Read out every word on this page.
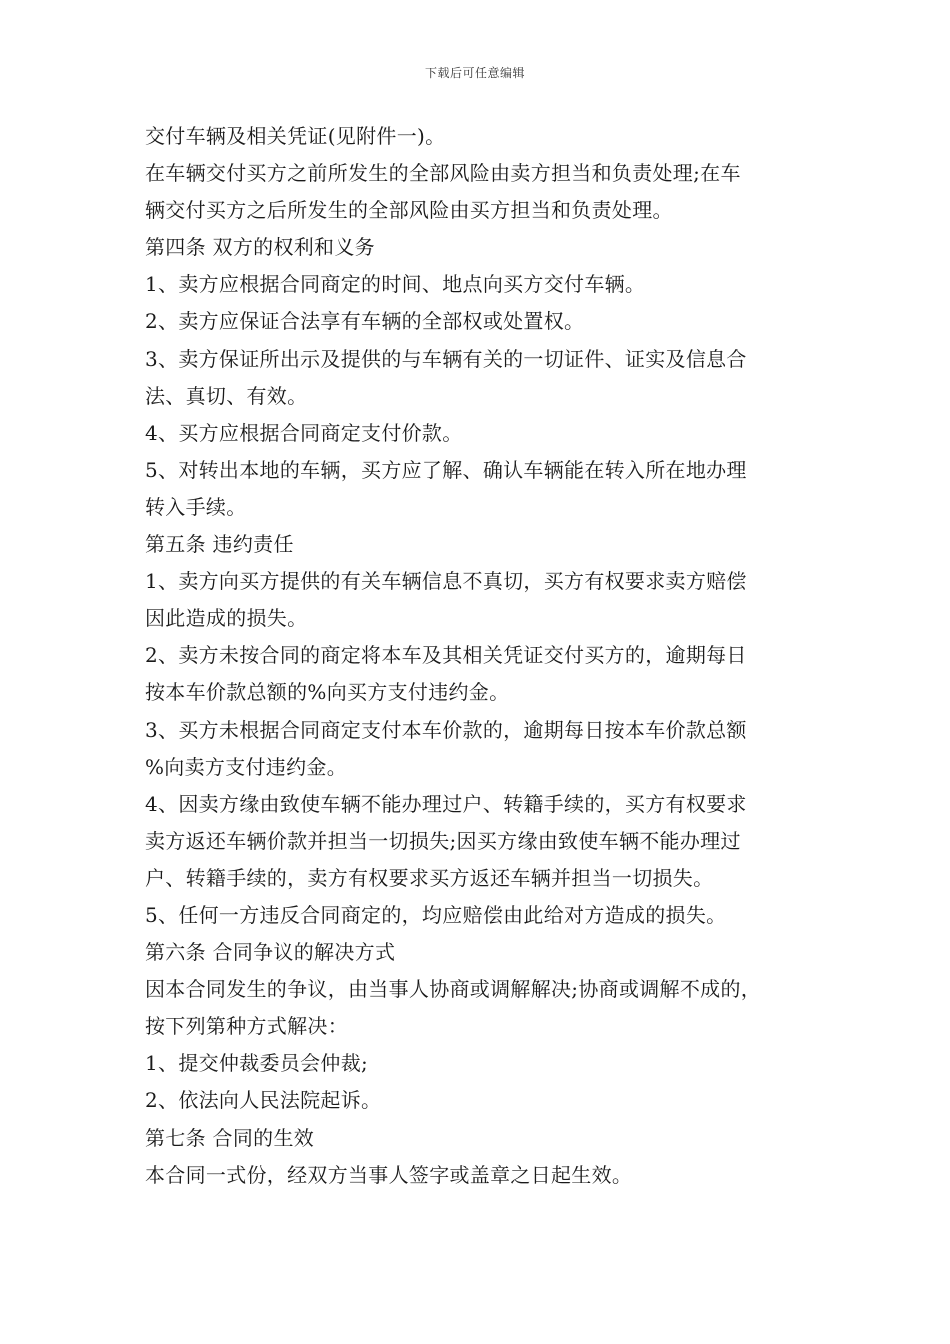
下载后可任意编辑
交付车辆及相关凭证(见附件一)。
在车辆交付买方之前所发生的全部风险由卖方担当和负责处理;在车
辆交付买方之后所发生的全部风险由买方担当和负责处理。
第四条 双方的权利和义务
1、卖方应根据合同商定的时间、地点向买方交付车辆。
2、卖方应保证合法享有车辆的全部权或处置权。
3、卖方保证所出示及提供的与车辆有关的一切证件、证实及信息合
法、真切、有效。
4、买方应根据合同商定支付价款。
5、对转出本地的车辆，买方应了解、确认车辆能在转入所在地办理
转入手续。
第五条 违约责任
1、卖方向买方提供的有关车辆信息不真切，买方有权要求卖方赔偿
因此造成的损失。
2、卖方未按合同的商定将本车及其相关凭证交付买方的，逾期每日
按本车价款总额的%向买方支付违约金。
3、买方未根据合同商定支付本车价款的，逾期每日按本车价款总额
%向卖方支付违约金。
4、因卖方缘由致使车辆不能办理过户、转籍手续的，买方有权要求
卖方返还车辆价款并担当一切损失;因买方缘由致使车辆不能办理过
户、转籍手续的，卖方有权要求买方返还车辆并担当一切损失。
5、任何一方违反合同商定的，均应赔偿由此给对方造成的损失。
第六条 合同争议的解决方式
因本合同发生的争议，由当事人协商或调解解决;协商或调解不成的，
按下列第种方式解决：
1、提交仲裁委员会仲裁;
2、依法向人民法院起诉。
第七条 合同的生效
本合同一式份，经双方当事人签字或盖章之日起生效。
